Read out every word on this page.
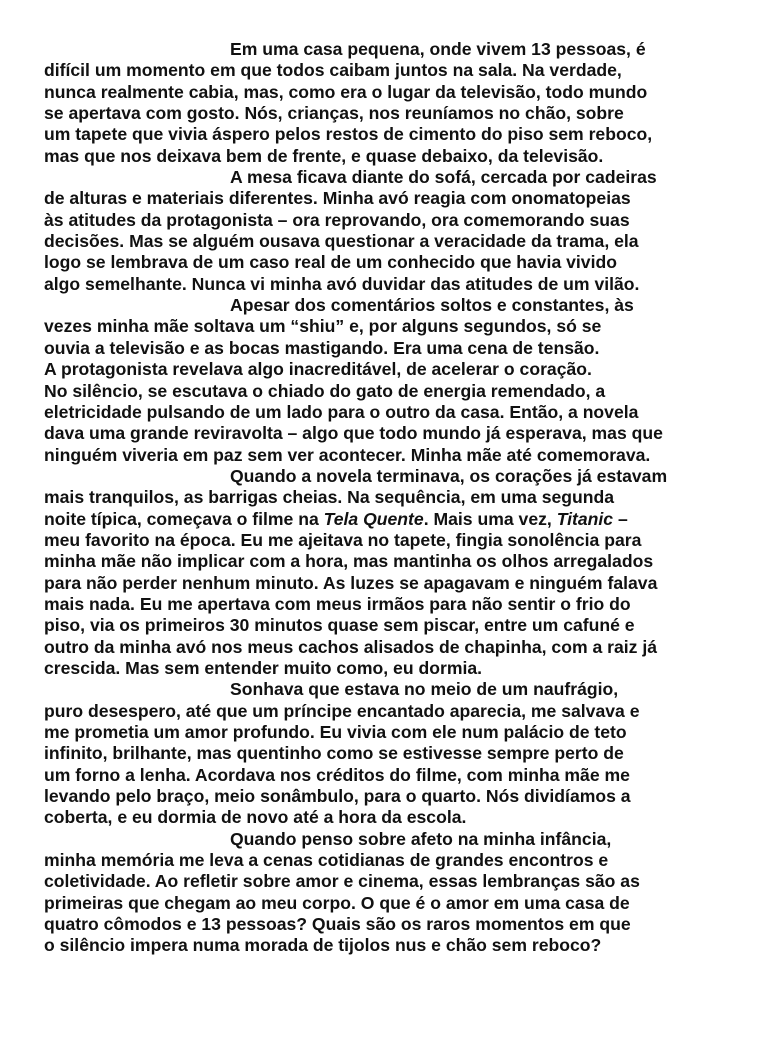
Em uma casa pequena, onde vivem 13 pessoas, é
difícil um momento em que todos caibam juntos na sala. Na verdade,
nunca realmente cabia, mas, como era o lugar da televisão, todo mundo
se apertava com gosto. Nós, crianças, nos reuníamos no chão, sobre
um tapete que vivia áspero pelos restos de cimento do piso sem reboco,
mas que nos deixava bem de frente, e quase debaixo, da televisão.
A mesa ficava diante do sofá, cercada por cadeiras
de alturas e materiais diferentes. Minha avó reagia com onomatopeias
às atitudes da protagonista – ora reprovando, ora comemorando suas
decisões. Mas se alguém ousava questionar a veracidade da trama, ela
logo se lembrava de um caso real de um conhecido que havia vivido
algo semelhante. Nunca vi minha avó duvidar das atitudes de um vilão.
Apesar dos comentários soltos e constantes, às
vezes minha mãe soltava um “shiu” e, por alguns segundos, só se
ouvia a televisão e as bocas mastigando. Era uma cena de tensão.
A protagonista revelava algo inacreditável, de acelerar o coração.
No silêncio, se escutava o chiado do gato de energia remendado, a
eletricidade pulsando de um lado para o outro da casa. Então, a novela
dava uma grande reviravolta – algo que todo mundo já esperava, mas que
ninguém viveria em paz sem ver acontecer. Minha mãe até comemorava.
Quando a novela terminava, os corações já estavam
mais tranquilos, as barrigas cheias. Na sequência, em uma segunda
noite típica, começava o filme na Tela Quente. Mais uma vez, Titanic –
meu favorito na época. Eu me ajeitava no tapete, fingia sonolência para
minha mãe não implicar com a hora, mas mantinha os olhos arregalados
para não perder nenhum minuto. As luzes se apagavam e ninguém falava
mais nada. Eu me apertava com meus irmãos para não sentir o frio do
piso, via os primeiros 30 minutos quase sem piscar, entre um cafuné e
outro da minha avó nos meus cachos alisados de chapinha, com a raiz já
crescida. Mas sem entender muito como, eu dormia.
Sonhava que estava no meio de um naufrágio,
puro desespero, até que um príncipe encantado aparecia, me salvava e
me prometia um amor profundo. Eu vivia com ele num palácio de teto
infinito, brilhante, mas quentinho como se estivesse sempre perto de
um forno a lenha. Acordava nos créditos do filme, com minha mãe me
levando pelo braço, meio sonâmbulo, para o quarto. Nós dividíamos a
coberta, e eu dormia de novo até a hora da escola.
Quando penso sobre afeto na minha infância,
minha memória me leva a cenas cotidianas de grandes encontros e
coletividade. Ao refletir sobre amor e cinema, essas lembranças são as
primeiras que chegam ao meu corpo. O que é o amor em uma casa de
quatro cômodos e 13 pessoas? Quais são os raros momentos em que
o silêncio impera numa morada de tijolos nus e chão sem reboco?
